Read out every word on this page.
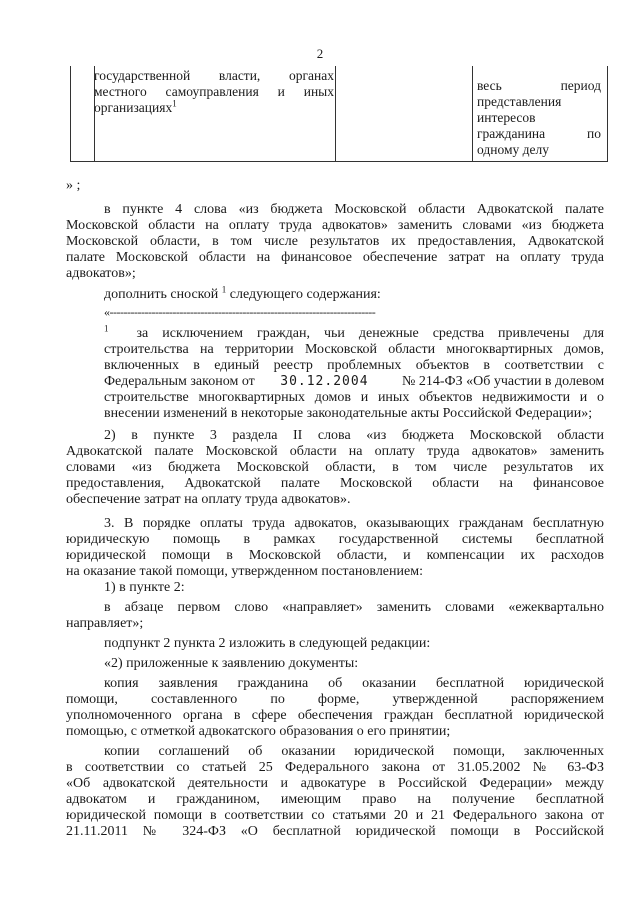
2
государственной власти, органах
местного самоуправления и иных
организациях$^1$
весь	период
представления
интересов
гражданина	по
одному делу
» ;
в пункте 4 слова «из бюджета Московской области Адвокатской палате
Московской области на оплату труда адвокатов» заменить словами «из бюджета
Московской области, в том числе результатов их предоставления, Адвокатской
палате Московской области на финансовое обеспечение затрат на оплату труда
адвокатов»;
дополнить сноской $^1$ следующего содержания:
«----------------------------------------------------------------------------
$^1$ за исключением граждан, чьи денежные средства привлечены для
строительства на территории Московской области многоквартирных домов,
включенных в единый реестр проблемных объектов в соответствии с
Федеральным законом от 30.12.2004 № 214-ФЗ «Об участии в долевом
строительстве многоквартирных домов и иных объектов недвижимости и о
внесении изменений в некоторые законодательные акты Российской Федерации»;
2) в пункте 3 раздела II слова «из бюджета Московской области
Адвокатской палате Московской области на оплату труда адвокатов» заменить
словами «из бюджета Московской области, в том числе результатов их
предоставления, Адвокатской палате Московской области на финансовое
обеспечение затрат на оплату труда адвокатов».
3. В порядке оплаты труда адвокатов, оказывающих гражданам бесплатную
юридическую помощь в рамках государственной системы бесплатной
юридической помощи в Московской области, и компенсации их расходов
на оказание такой помощи, утвержденном постановлением:
1) в пункте 2:
в абзаце первом слово «направляет» заменить словами «ежеквартально
направляет»;
подпункт 2 пункта 2 изложить в следующей редакции:
«2) приложенные к заявлению документы:
копия заявления гражданина об оказании бесплатной юридической
помощи, составленного по форме, утвержденной распоряжением
уполномоченного органа в сфере обеспечения граждан бесплатной юридической
помощью, с отметкой адвокатского образования о его принятии;
копии соглашений об оказании юридической помощи, заключенных
в соответствии со статьей 25 Федерального закона от 31.05.2002 № 63-ФЗ
«Об адвокатской деятельности и адвокатуре в Российской Федерации» между
адвокатом и гражданином, имеющим право на получение бесплатной
юридической помощи в соответствии со статьями 20 и 21 Федерального закона от
21.11.2011 № 324-ФЗ «О бесплатной юридической помощи в Российской
